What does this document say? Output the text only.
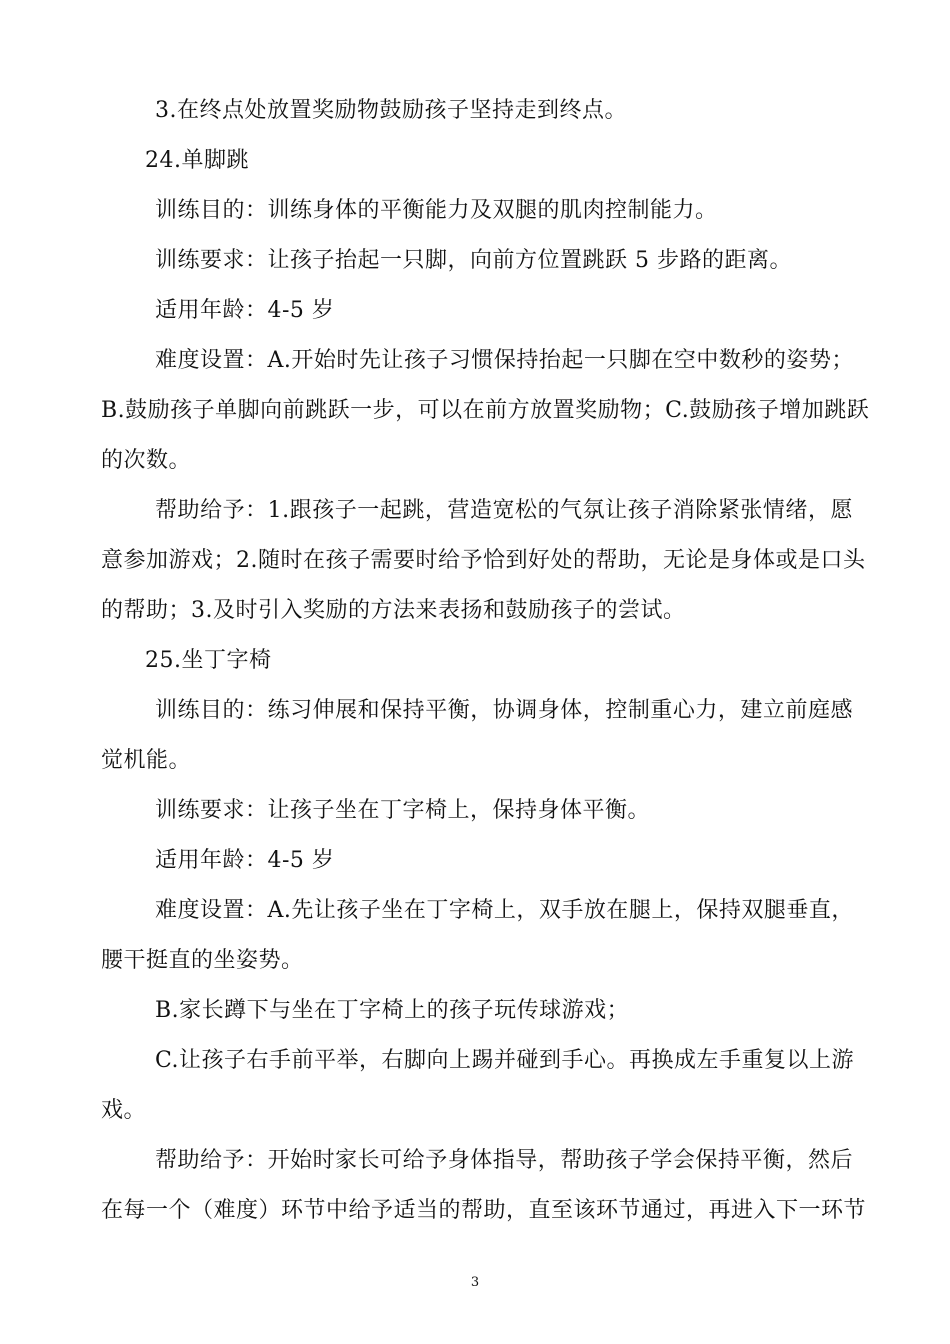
3.在终点处放置奖励物鼓励孩子坚持走到终点。
24.单脚跳
训练目的：训练身体的平衡能力及双腿的肌肉控制能力。
训练要求：让孩子抬起一只脚，向前方位置跳跃 5 步路的距离。
适用年龄：4-5 岁
难度设置：A.开始时先让孩子习惯保持抬起一只脚在空中数秒的姿势；
B.鼓励孩子单脚向前跳跃一步，可以在前方放置奖励物；C.鼓励孩子增加跳跃
的次数。
帮助给予：1.跟孩子一起跳，营造宽松的气氛让孩子消除紧张情绪，愿
意参加游戏；2.随时在孩子需要时给予恰到好处的帮助，无论是身体或是口头
的帮助；3.及时引入奖励的方法来表扬和鼓励孩子的尝试。
25.坐丁字椅
训练目的：练习伸展和保持平衡，协调身体，控制重心力，建立前庭感
觉机能。
训练要求：让孩子坐在丁字椅上，保持身体平衡。
适用年龄：4-5 岁
难度设置：A.先让孩子坐在丁字椅上，双手放在腿上，保持双腿垂直，
腰干挺直的坐姿势。
B.家长蹲下与坐在丁字椅上的孩子玩传球游戏；
C.让孩子右手前平举，右脚向上踢并碰到手心。再换成左手重复以上游
戏。
帮助给予：开始时家长可给予身体指导，帮助孩子学会保持平衡，然后
在每一个（难度）环节中给予适当的帮助，直至该环节通过，再进入下一环节
3
